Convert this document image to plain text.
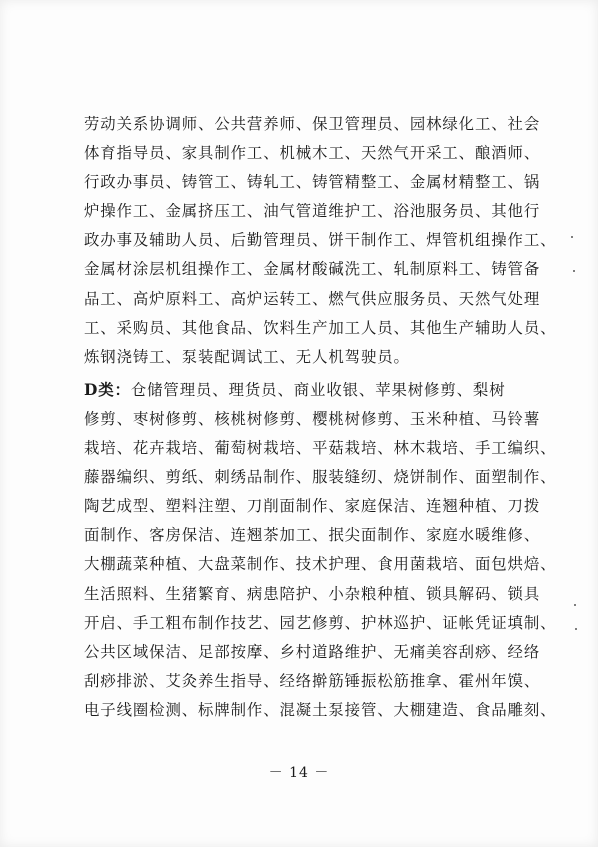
劳动关系协调师、公共营养师、保卫管理员、园林绿化工、社会
体育指导员、家具制作工、机械木工、天然气开采工、酿酒师、
行政办事员、铸管工、铸轧工、铸管精整工、金属材精整工、锅
炉操作工、金属挤压工、油气管道维护工、浴池服务员、其他行
政办事及辅助人员、后勤管理员、饼干制作工、焊管机组操作工、
金属材涂层机组操作工、金属材酸碱洗工、轧制原料工、铸管备
品工、高炉原料工、高炉运转工、燃气供应服务员、天然气处理
工、采购员、其他食品、饮料生产加工人员、其他生产辅助人员、
炼钢浇铸工、泵装配调试工、无人机驾驶员。
D类：仓储管理员、理货员、商业收银、苹果树修剪、梨树
修剪、枣树修剪、核桃树修剪、樱桃树修剪、玉米种植、马铃薯
栽培、花卉栽培、葡萄树栽培、平菇栽培、林木栽培、手工编织、
藤器编织、剪纸、刺绣品制作、服装缝纫、烧饼制作、面塑制作、
陶艺成型、塑料注塑、刀削面制作、家庭保洁、连翘种植、刀拨
面制作、客房保洁、连翘茶加工、抿尖面制作、家庭水暖维修、
大棚蔬菜种植、大盘菜制作、技术护理、食用菌栽培、面包烘焙、
生活照料、生猪繁育、病患陪护、小杂粮种植、锁具解码、锁具
开启、手工粗布制作技艺、园艺修剪、护林巡护、证帐凭证填制、
公共区域保洁、足部按摩、乡村道路维护、无痛美容刮痧、经络
刮痧排淤、艾灸养生指导、经络擀筋锤振松筋推拿、霍州年馍、
电子线圈检测、标牌制作、混凝土泵接管、大棚建造、食品雕刻、
－ 14 －
